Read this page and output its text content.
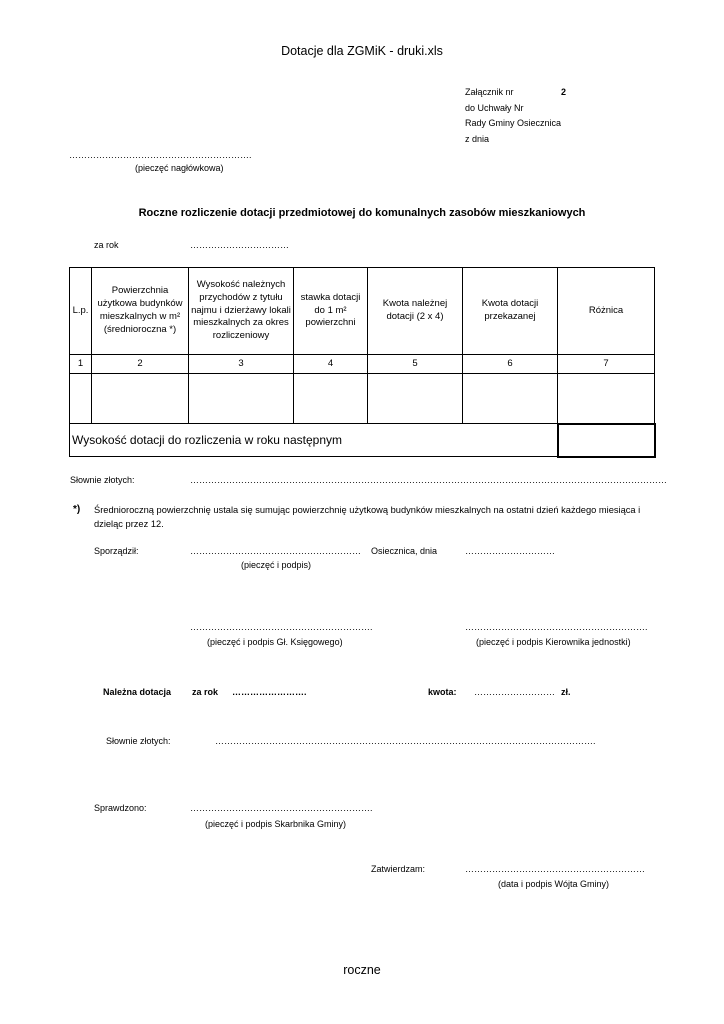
Dotacje dla ZGMiK - druki.xls
Załącznik nr	2
do Uchwały Nr
Rady Gminy Osiecznica
z dnia
…………………………………………………….
(pieczęć nagłówkowa)
Roczne rozliczenie dotacji przedmiotowej do komunalnych zasobów mieszkaniowych
za rok	……………………………
L.p.	Powierzchnia użytkowa budynków mieszkalnych w m² (średnioroczna *)	Wysokość należnych przychodów z tytułu najmu i dzierżawy lokali mieszkalnych za okres rozliczeniowy	stawka dotacji do 1 m² powierzchni	Kwota należnej dotacji (2 x 4)	Kwota dotacji przekazanej	Różnica
1	2	3	4	5	6	7

Wysokość dotacji do rozliczenia w roku następnym						
Słownie złotych:	……………………………………………………………………………………………………………………………………………
*) Średnioroczną powierzchnię ustala się sumując powierzchnię użytkową budynków mieszkalnych na ostatni dzień każdego miesiąca i dzieląc przez 12.
Sporządził:	…………………………………………………
(pieczęć i podpis)
Osiecznica, dnia	…………………………
…………………………………………………….
(pieczęć i podpis Gł. Księgowego)
…………………………………………………….
(pieczęć i podpis Kierownika jednostki)
Należna dotacja za rok …………………….	kwota: ……………………… zł.
Słownie złotych:	……………………………………………………………………………………………………………….
Sprawdzono:	…………………………………………………….
(pieczęć i podpis Skarbnika Gminy)
Zatwierdzam:	……………………………………………………
(data i podpis Wójta Gminy)
roczne
